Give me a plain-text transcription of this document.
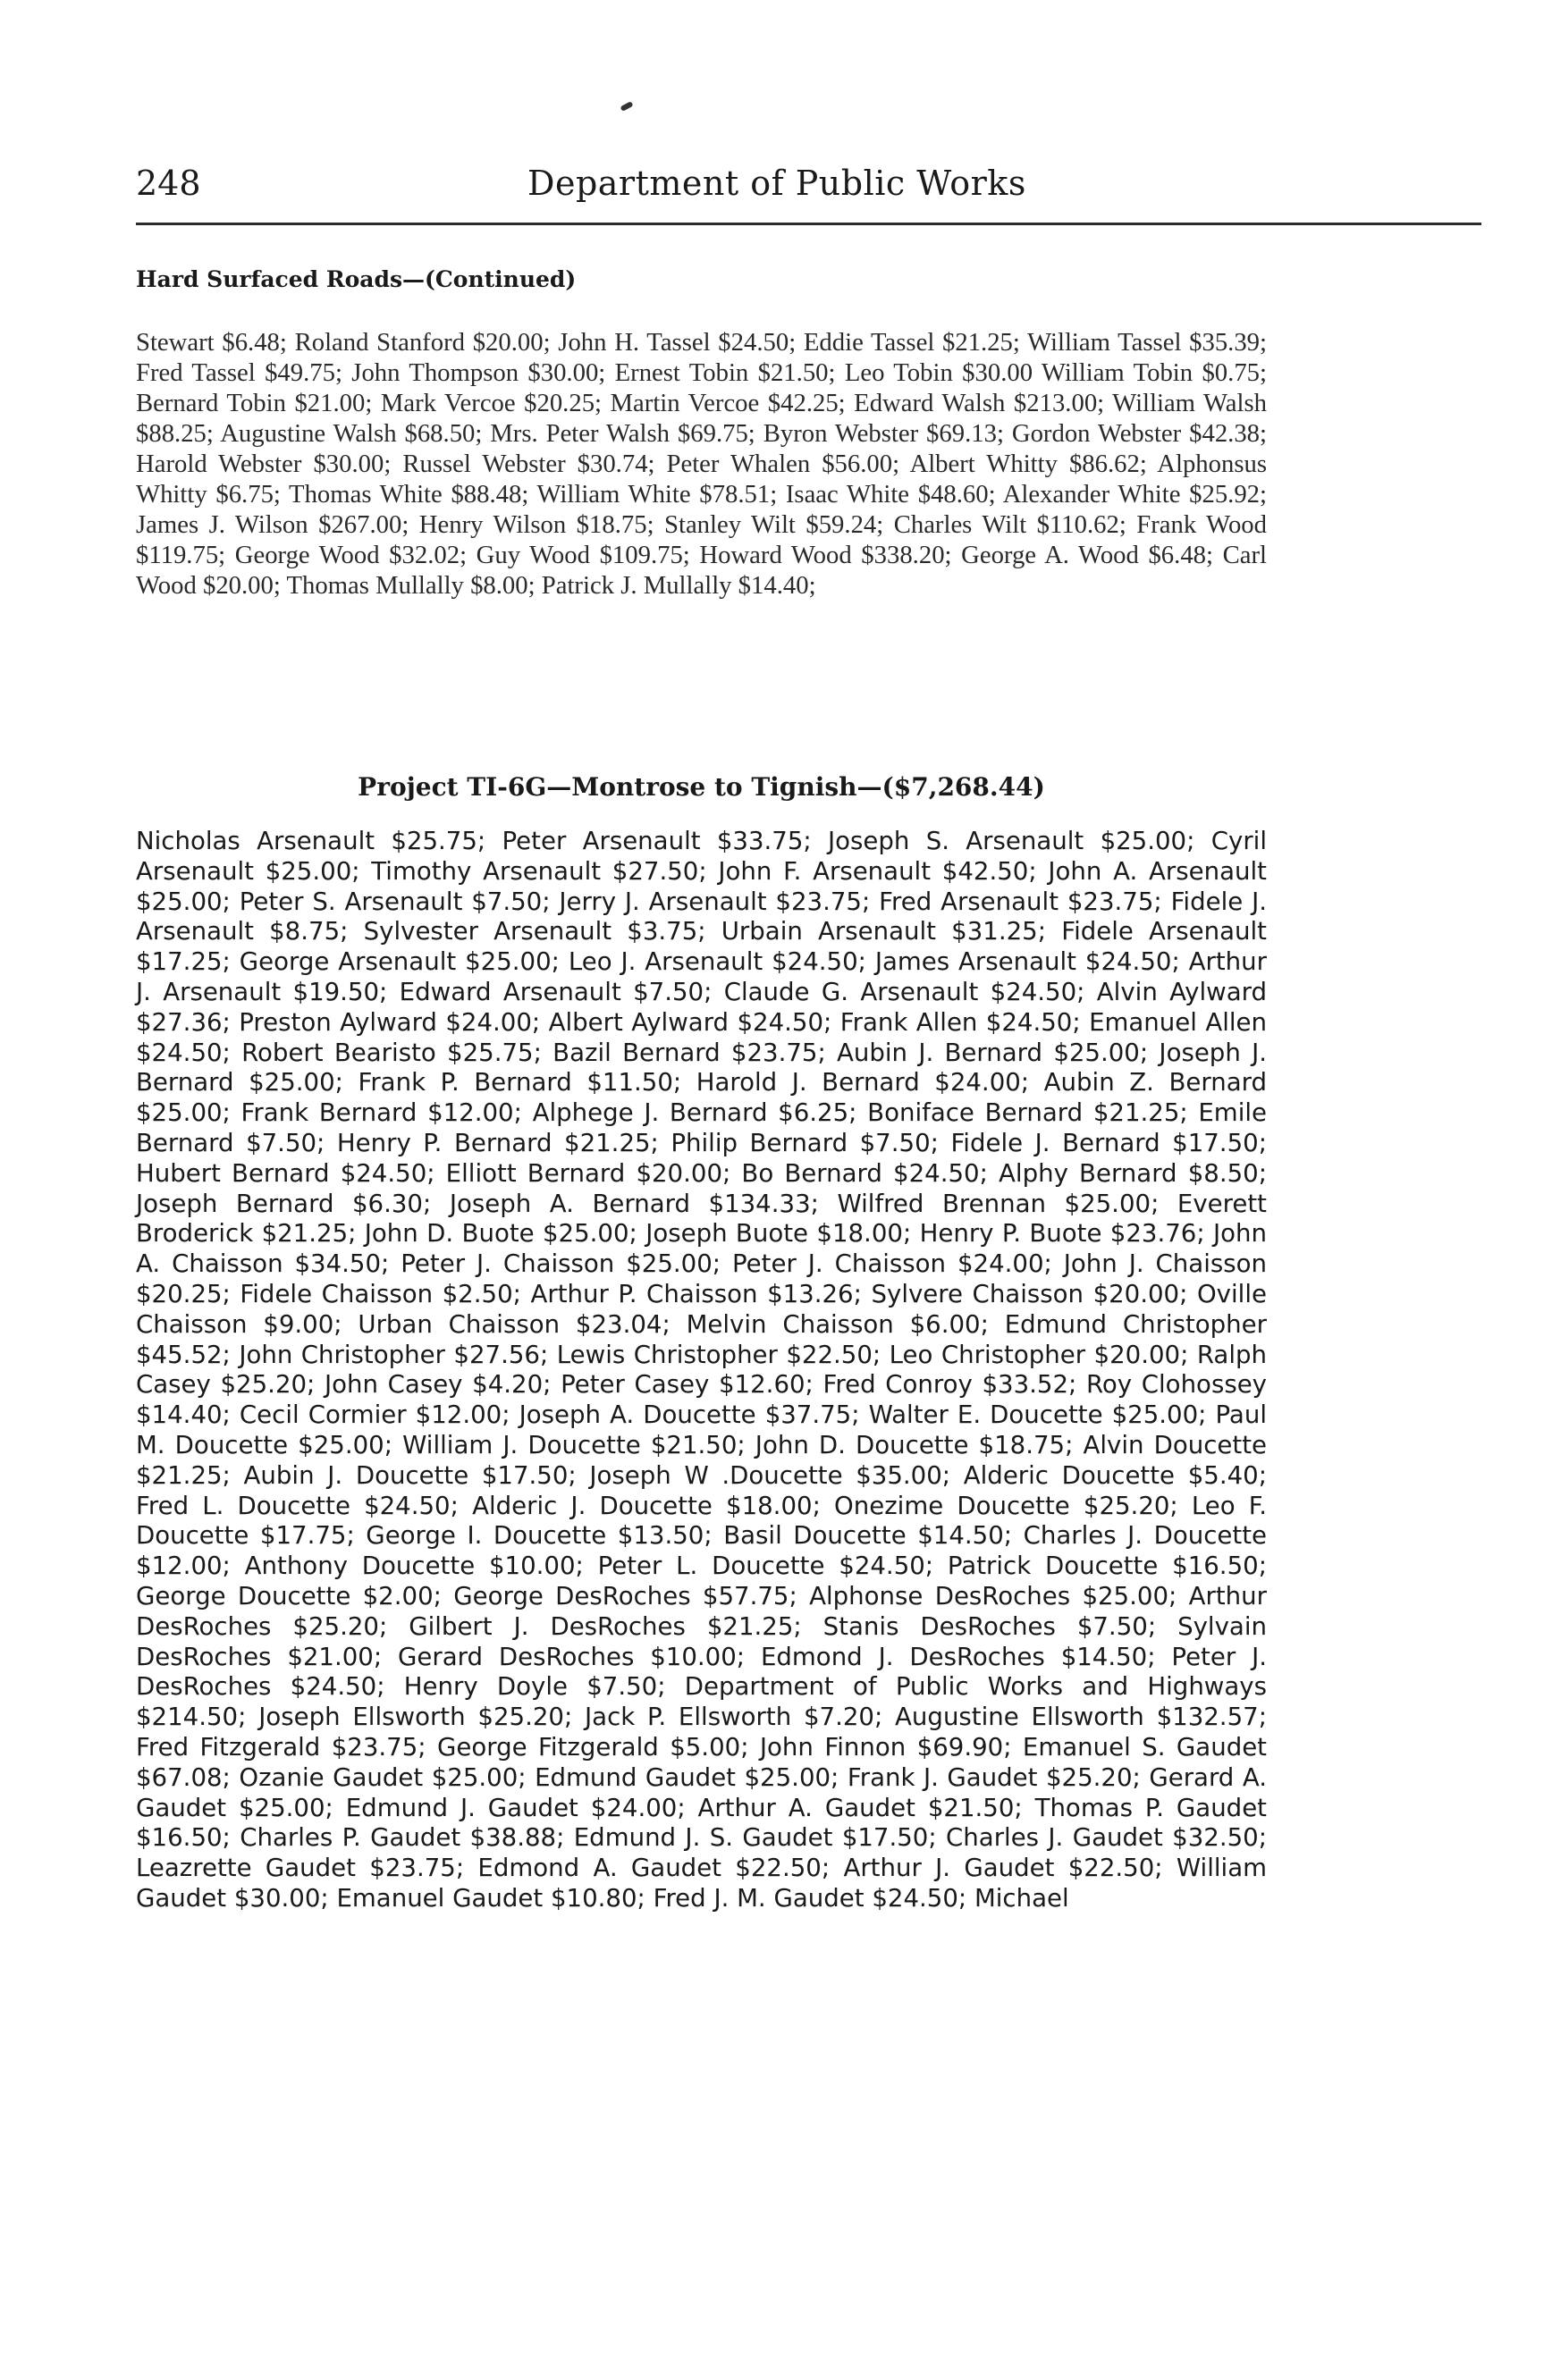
248	Department of Public Works
Hard Surfaced Roads—(Continued)

Stewart $6.48; Roland Stanford $20.00; John H. Tassel $24.50; Eddie Tassel $21.25; William Tassel $35.39; Fred Tassel $49.75; John Thompson $30.00; Ernest Tobin $21.50; Leo Tobin $30.00 William Tobin $0.75; Bernard Tobin $21.00; Mark Vercoe $20.25; Martin Vercoe $42.25; Edward Walsh $213.00; William Walsh $88.25; Augustine Walsh $68.50; Mrs. Peter Walsh $69.75; Byron Webster $69.13; Gordon Webster $42.38; Harold Webster $30.00; Russel Webster $30.74; Peter Whalen $56.00; Albert Whitty $86.62; Alphonsus Whitty $6.75; Thomas White $88.48; William White $78.51; Isaac White $48.60; Alexander White $25.92; James J. Wilson $267.00; Henry Wilson $18.75; Stanley Wilt $59.24; Charles Wilt $110.62; Frank Wood $119.75; George Wood $32.02; Guy Wood $109.75; Howard Wood $338.20; George A. Wood $6.48; Carl Wood $20.00; Thomas Mullally $8.00; Patrick J. Mullally $14.40;

Project TI-6G—Montrose to Tignish—($7,268.44)

Nicholas Arsenault $25.75; Peter Arsenault $33.75; Joseph S. Arsenault $25.00; Cyril Arsenault $25.00; Timothy Arsenault $27.50; John F. Arsenault $42.50; John A. Arsenault $25.00; Peter S. Arsenault $7.50; Jerry J. Arsenault $23.75; Fred Arsenault $23.75; Fidele J. Arsenault $8.75; Sylvester Arsenault $3.75; Urbain Arsenault $31.25; Fidele Arsenault $17.25; George Arsenault $25.00; Leo J. Arsenault $24.50; James Arsenault $24.50; Arthur J. Arsenault $19.50; Edward Arsenault $7.50; Claude G. Arsenault $24.50; Alvin Aylward $27.36; Preston Aylward $24.00; Albert Aylward $24.50; Frank Allen $24.50; Emanuel Allen $24.50; Robert Bearisto $25.75; Bazil Bernard $23.75; Aubin J. Bernard $25.00; Joseph J. Bernard $25.00; Frank P. Bernard $11.50; Harold J. Bernard $24.00; Aubin Z. Bernard $25.00; Frank Bernard $12.00; Alphege J. Bernard $6.25; Boniface Bernard $21.25; Emile Bernard $7.50; Henry P. Bernard $21.25; Philip Bernard $7.50; Fidele J. Bernard $17.50; Hubert Bernard $24.50; Elliott Bernard $20.00; Bo Bernard $24.50; Alphy Bernard $8.50; Joseph Bernard $6.30; Joseph A. Bernard $134.33; Wilfred Brennan $25.00; Everett Broderick $21.25; John D. Buote $25.00; Joseph Buote $18.00; Henry P. Buote $23.76; John A. Chaisson $34.50; Peter J. Chaisson $25.00; Peter J. Chaisson $24.00; John J. Chaisson $20.25; Fidele Chaisson $2.50; Arthur P. Chaisson $13.26; Sylvere Chaisson $20.00; Oville Chaisson $9.00; Urban Chaisson $23.04; Melvin Chaisson $6.00; Edmund Christopher $45.52; John Christopher $27.56; Lewis Christopher $22.50; Leo Christopher $20.00; Ralph Casey $25.20; John Casey $4.20; Peter Casey $12.60; Fred Conroy $33.52; Roy Clohossey $14.40; Cecil Cormier $12.00; Joseph A. Doucette $37.75; Walter E. Doucette $25.00; Paul M. Doucette $25.00; William J. Doucette $21.50; John D. Doucette $18.75; Alvin Doucette $21.25; Aubin J. Doucette $17.50; Joseph W .Doucette $35.00; Alderic Doucette $5.40; Fred L. Doucette $24.50; Alderic J. Doucette $18.00; Onezime Doucette $25.20; Leo F. Doucette $17.75; George I. Doucette $13.50; Basil Doucette $14.50; Charles J. Doucette $12.00; Anthony Doucette $10.00; Peter L. Doucette $24.50; Patrick Doucette $16.50; George Doucette $2.00; George DesRoches $57.75; Alphonse DesRoches $25.00; Arthur DesRoches $25.20; Gilbert J. DesRoches $21.25; Stanis DesRoches $7.50; Sylvain DesRoches $21.00; Gerard DesRoches $10.00; Edmond J. DesRoches $14.50; Peter J. DesRoches $24.50; Henry Doyle $7.50; Department of Public Works and Highways $214.50; Joseph Ellsworth $25.20; Jack P. Ellsworth $7.20; Augustine Ellsworth $132.57; Fred Fitzgerald $23.75; George Fitzgerald $5.00; John Finnon $69.90; Emanuel S. Gaudet $67.08; Ozanie Gaudet $25.00; Edmund Gaudet $25.00; Frank J. Gaudet $25.20; Gerard A. Gaudet $25.00; Edmund J. Gaudet $24.00; Arthur A. Gaudet $21.50; Thomas P. Gaudet $16.50; Charles P. Gaudet $38.88; Edmund J. S. Gaudet $17.50; Charles J. Gaudet $32.50; Leazrette Gaudet $23.75; Edmond A. Gaudet $22.50; Arthur J. Gaudet $22.50; William Gaudet $30.00; Emanuel Gaudet $10.80; Fred J. M. Gaudet $24.50; Michael
